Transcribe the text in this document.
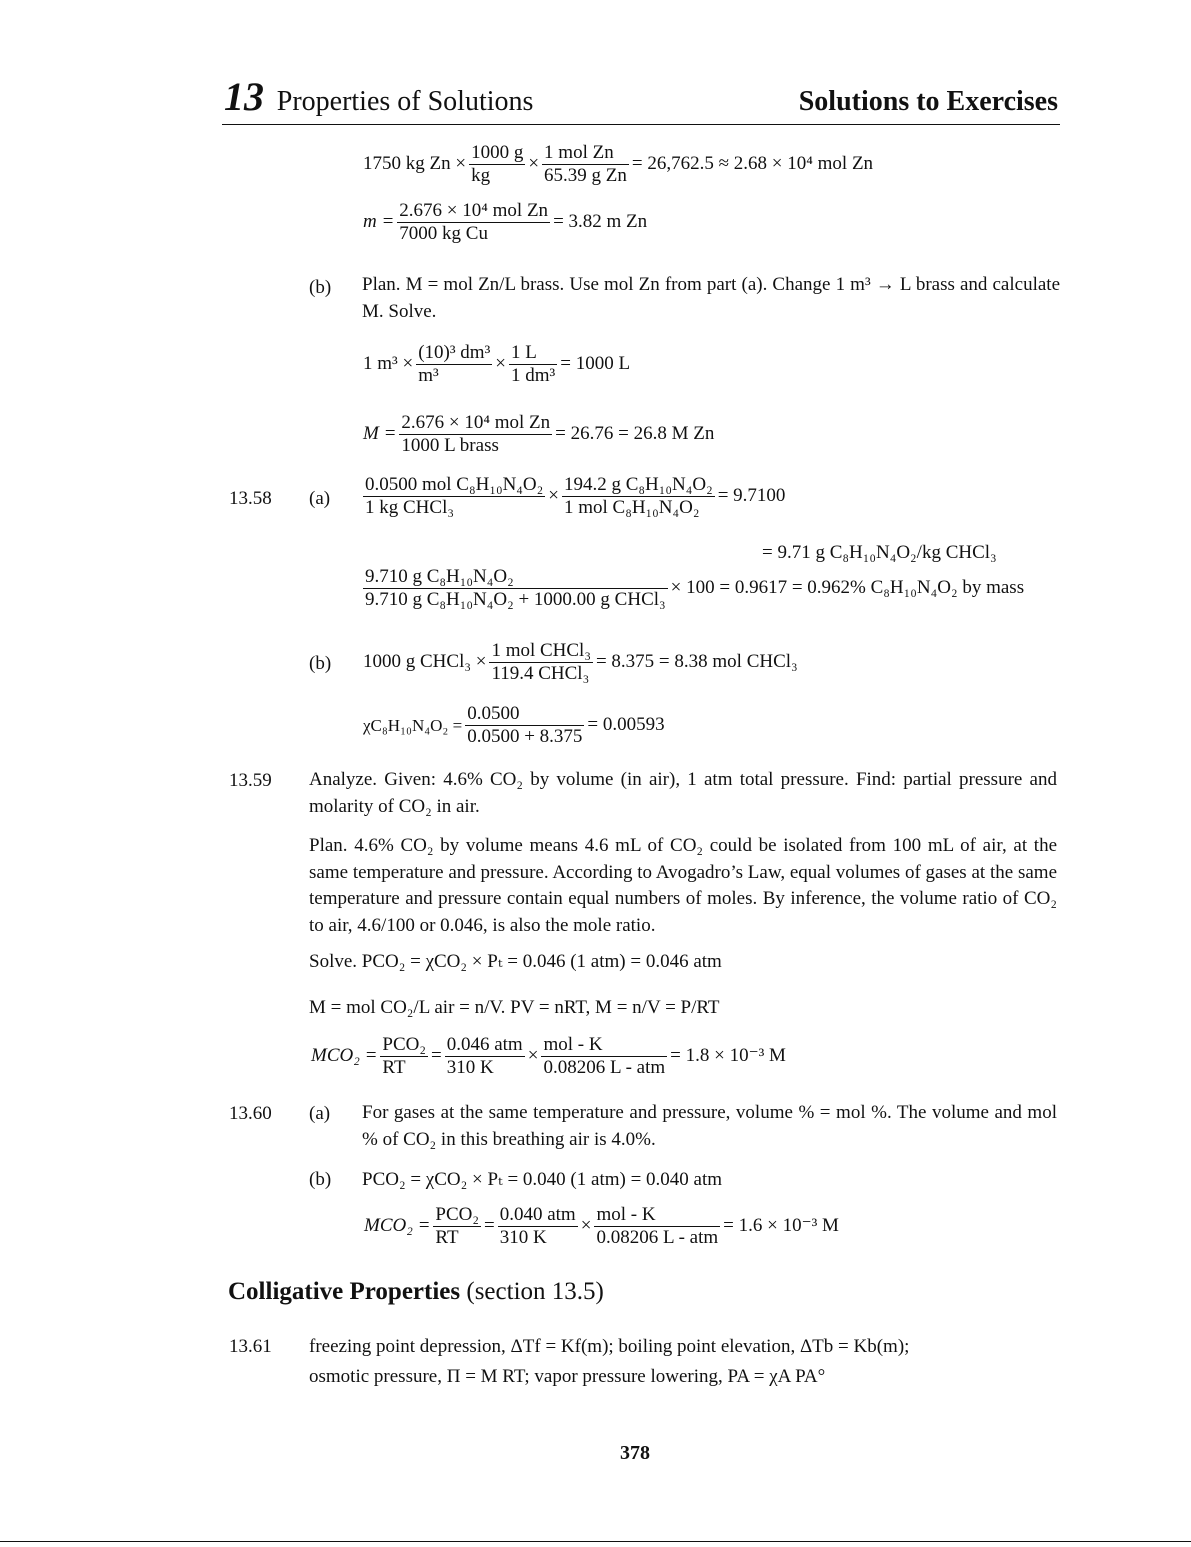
13 Properties of Solutions	Solutions to Exercises
1750 kg $Zn \times \frac{1000 g}{kg} \times \frac{\text{1 mol Zn}}{\text{65.39 g Zn}} = 26,762.5 \approx 2.68 \times 10^4$ mol Zn
$m = \frac{\text{2.676 × 10⁴ mol Zn}}{\text{7000 kg Cu}} = 3.82$ m Zn
(b) Plan. M = mol Zn/L brass. Use mol Zn from part (a). Change 1 m³ → L brass and calculate M. Solve.
1 $m^3 \times \frac{\text{(10)³ dm³}}{\text{m³}} \times \frac{1 L}{\text{1 dm³}} = 1000$ L
$M = \frac{\text{2.676 × 10⁴ mol Zn}}{\text{1000 L brass}} = 26.76 = 26.8$ M Zn
13.58 $(a) \frac{\text{0.0500 mol C₈H₁₀N₄O₂}}{\text{1 kg CHCl₃}} \times \frac{\text{194.2 g C₈H₁₀N₄O₂}}{\text{1 mol C₈H₁₀N₄O₂}} = 9.7100$
= 9.71 g C₈H₁₀N₄O₂/kg CHCl₃
$\frac{\text{9.710 g C₈H₁₀N₄O₂}}{\text{9.710 g C₈H₁₀N₄O₂ + 1000.00 g CHCl₃}} \times 100 = 0.9617 = 0.962\%$ C₈H₁₀N₄O₂ by mass
(b) 1000 g CHCl₃ × $\frac{\text{1 mol CHCl₃}}{\text{119.4 CHCl₃}} = 8.375 = 8.38$ mol CHCl₃
$\chi C_8H_{10}N_4O_2 = \frac{0.0500}{0.0500 + 8.375} = 0.00593$
13.59 Analyze. Given: 4.6% CO₂ by volume (in air), 1 atm total pressure. Find: partial pressure and molarity of CO₂ in air.
Plan. 4.6% CO₂ by volume means 4.6 mL of CO₂ could be isolated from 100 mL of air, at the same temperature and pressure. According to Avogadro’s Law, equal volumes of gases at the same temperature and pressure contain equal numbers of moles. By inference, the volume ratio of CO₂ to air, 4.6/100 or 0.046, is also the mole ratio.
Solve. PCO₂ = χCO₂ × Pₜ = 0.046 (1 atm) = 0.046 atm
M = mol CO₂/L air = n/V. PV = nRT, M = n/V = P/RT
$MCO_2 = \frac{\text{PCO₂}}{RT} = \frac{\text{0.046 atm}}{310 K} \times \frac{\text{mol - K}}{\text{0.08206 L - atm}} = 1.8 \times 10^{-3}$ M
13.60 (a) For gases at the same temperature and pressure, volume % = mol %. The volume and mol % of CO₂ in this breathing air is 4.0%.
(b) PCO₂ = χCO₂ × Pₜ = 0.040 (1 atm) = 0.040 atm
$MCO_2 = \frac{\text{PCO₂}}{RT} = \frac{\text{0.040 atm}}{310 K} \times \frac{\text{mol - K}}{\text{0.08206 L - atm}} = 1.6 \times 10^{-3}$ M
Colligative Properties (section 13.5)
13.61 freezing point depression, ΔTf = Kf(m); boiling point elevation, ΔTb = Kb(m);
osmotic pressure, Π = M RT; vapor pressure lowering, PA = χA PA°
378
